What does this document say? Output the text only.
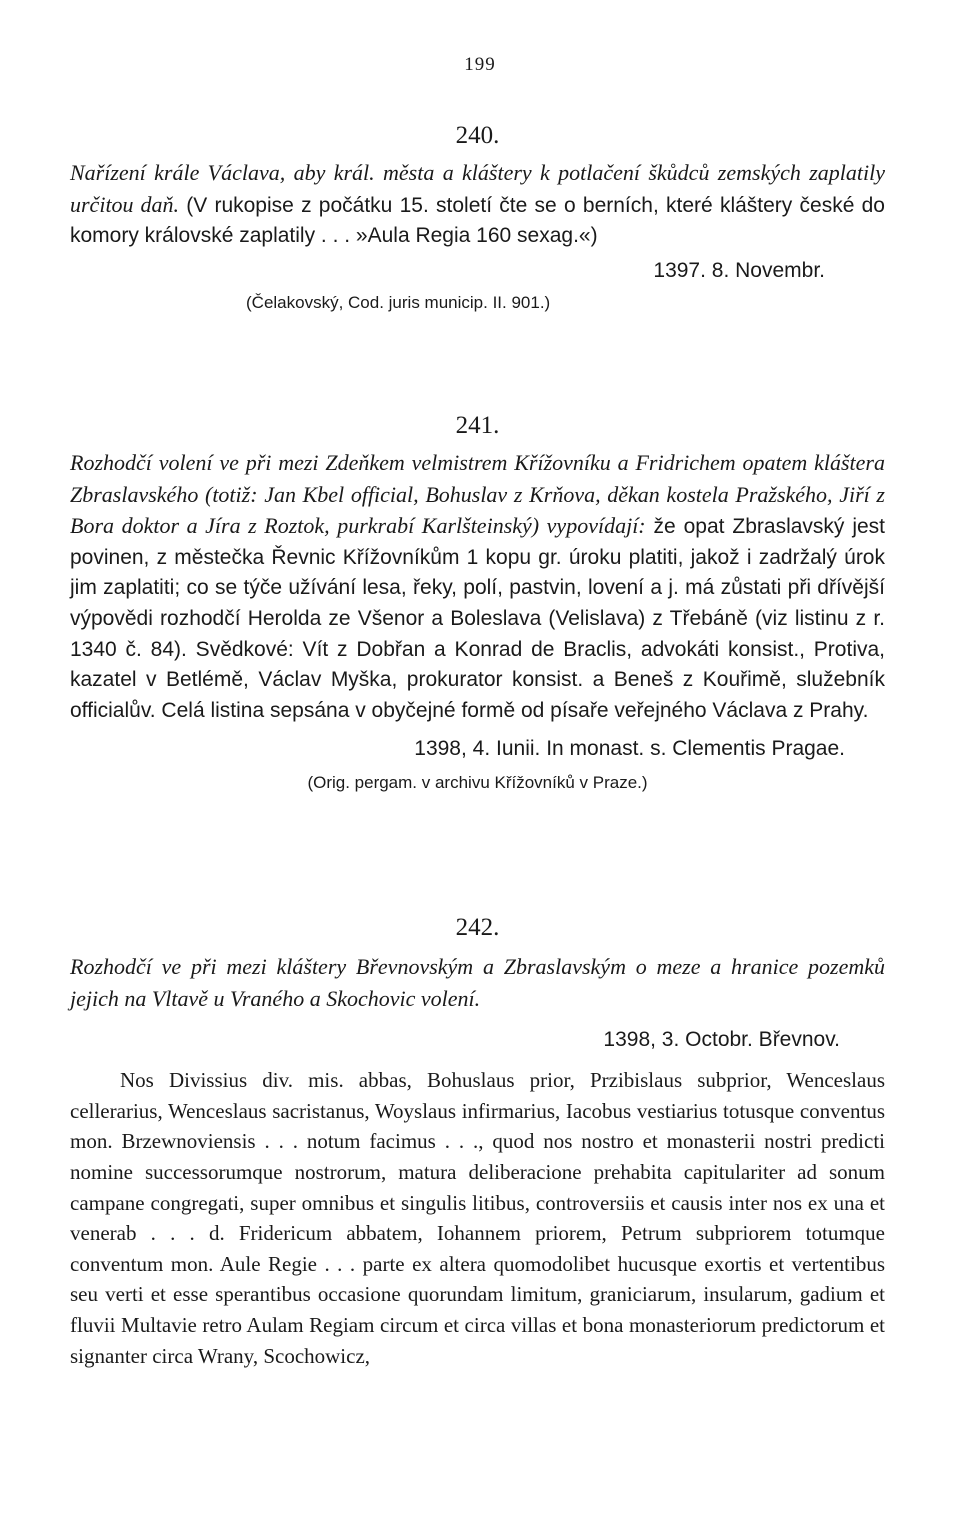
199
240.

Nařízení krále Václava, aby král. města a kláštery k potlačení škůdců zemských zaplatily určitou daň. (V rukopise z počátku 15. století čte se o berních, které kláštery české do komory královské zaplatily . . . »Aula Regia 160 sexag.«)

1397. 8. Novembr.

(Čelakovský, Cod. juris municip. II. 901.)

241.

Rozhodčí volení ve při mezi Zdeňkem velmistrem Křížovníku a Fridrichem opatem kláštera Zbraslavského (totiž: Jan Kbel official, Bohuslav z Krňova, děkan kostela Pražského, Jiří z Bora doktor a Jíra z Roztok, purkrabí Karlšteinský) vypovídají: že opat Zbraslavský jest povinen, z městečka Řevnic Křížovníkům 1 kopu gr. úroku platiti, jakož i zadržalý úrok jim zaplatiti; co se týče užívání lesa, řeky, polí, pastvin, lovení a j. má zůstati při dřívější výpovědi rozhodčí Herolda ze Všenor a Boleslava (Velislava) z Třebáně (viz listinu z r. 1340 č. 84). Svědkové: Vít z Dobřan a Konrad de Braclis, advokáti konsist., Protiva, kazatel v Betlémě, Václav Myška, prokurator konsist. a Beneš z Kouřimě, služebník officialův. Celá listina sepsána v obyčejné formě od písaře veřejného Václava z Prahy.

1398, 4. Iunii. In monast. s. Clementis Pragae.

(Orig. pergam. v archivu Křížovníků v Praze.)

242.

Rozhodčí ve při mezi kláštery Břevnovským a Zbraslavským o meze a hranice pozemků jejich na Vltavě u Vraného a Skochovic volení.

1398, 3. Octobr. Břevnov.

Nos Divissius div. mis. abbas, Bohuslaus prior, Przibislaus subprior, Wenceslaus cellerarius, Wenceslaus sacristanus, Woyslaus infirmarius, Iacobus vestiarius totusque conventus mon. Brzewnoviensis . . . notum facimus . . ., quod nos nostro et monasterii nostri predicti nomine successorumque nostrorum, matura deliberacione prehabita capitulariter ad sonum campane congregati, super omnibus et singulis litibus, controversiis et causis inter nos ex una et venerab . . . d. Fridericum abbatem, Iohannem priorem, Petrum subpriorem totumque conventum mon. Aule Regie . . . parte ex altera quomodolibet hucusque exortis et vertentibus seu verti et esse sperantibus occasione quorundam limitum, graniciarum, insularum, gadium et fluvii Multavie retro Aulam Regiam circum et circa villas et bona monasteriorum predictorum et signanter circa Wrany, Scochowicz,
